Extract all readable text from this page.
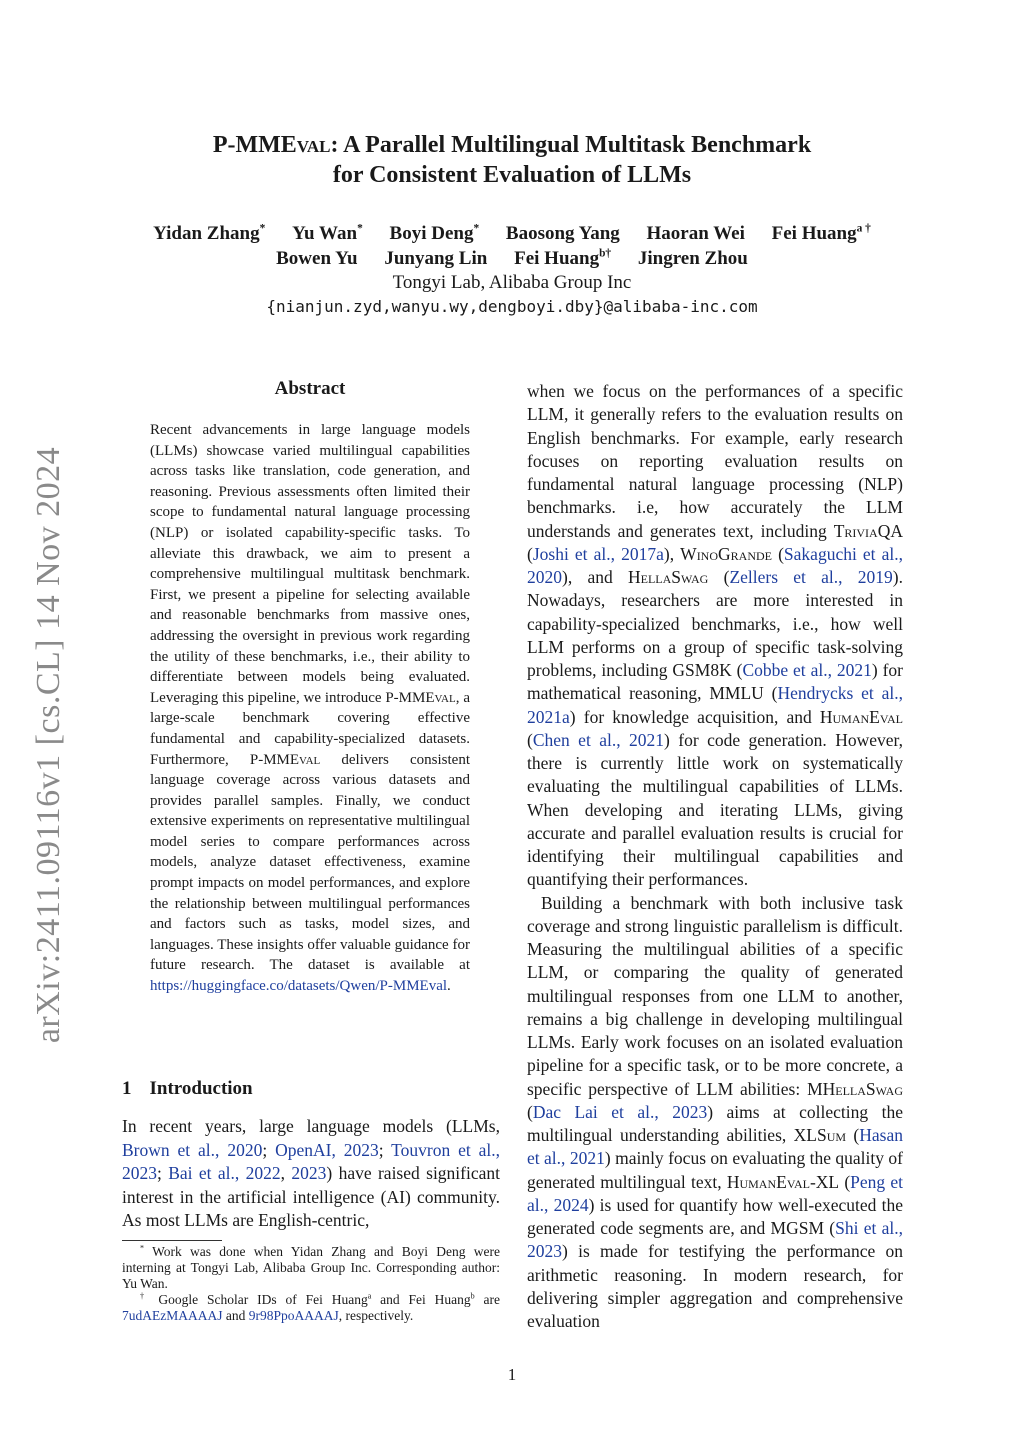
arXiv:2411.09116v1 [cs.CL] 14 Nov 2024
P-MMEval: A Parallel Multilingual Multitask Benchmark
for Consistent Evaluation of LLMs
Yidan Zhang* Yu Wan* Boyi Deng* Baosong Yang Haoran Wei Fei Huang$^{a \dagger}$
Bowen Yu Junyang Lin Fei Huang$^{b\dagger}$ Jingren Zhou
Tongyi Lab, Alibaba Group Inc
{nianjun.zyd,wanyu.wy,dengboyi.dby}@alibaba-inc.com
Abstract
Recent advancements in large language models (LLMs) showcase varied multilingual capabilities across tasks like translation, code generation, and reasoning. Previous assessments often limited their scope to fundamental natural language processing (NLP) or isolated capability-specific tasks. To alleviate this drawback, we aim to present a comprehensive multilingual multitask benchmark. First, we present a pipeline for selecting available and reasonable benchmarks from massive ones, addressing the oversight in previous work regarding the utility of these benchmarks, i.e., their ability to differentiate between models being evaluated. Leveraging this pipeline, we introduce P-MMEval, a large-scale benchmark covering effective fundamental and capability-specialized datasets. Furthermore, P-MMEval delivers consistent language coverage across various datasets and provides parallel samples. Finally, we conduct extensive experiments on representative multilingual model series to compare performances across models, analyze dataset effectiveness, examine prompt impacts on model performances, and explore the relationship between multilingual performances and factors such as tasks, model sizes, and languages. These insights offer valuable guidance for future research. The dataset is available at https://huggingface.co/datasets/Qwen/P-MMEval.
1 Introduction
In recent years, large language models (LLMs, Brown et al., 2020; OpenAI, 2023; Touvron et al., 2023; Bai et al., 2022, 2023) have raised significant interest in the artificial intelligence (AI) community. As most LLMs are English-centric,

* Work was done when Yidan Zhang and Boyi Deng were interning at Tongyi Lab, Alibaba Group Inc. Corresponding author: Yu Wan.

† Google Scholar IDs of Fei Huang$^a$ and Fei Huang$^b$ are 7udAEzMAAAAJ and 9r98PpoAAAAJ, respectively.

when we focus on the performances of a specific LLM, it generally refers to the evaluation results on English benchmarks. For example, early research focuses on reporting evaluation results on fundamental natural language processing (NLP) benchmarks. i.e, how accurately the LLM understands and generates text, including TriviaQA (Joshi et al., 2017a), WinoGrande (Sakaguchi et al., 2020), and HellaSwag (Zellers et al., 2019). Nowadays, researchers are more interested in capability-specialized benchmarks, i.e., how well LLM performs on a group of specific task-solving problems, including GSM8K (Cobbe et al., 2021) for mathematical reasoning, MMLU (Hendrycks et al., 2021a) for knowledge acquisition, and HumanEval (Chen et al., 2021) for code generation. However, there is currently little work on systematically evaluating the multilingual capabilities of LLMs. When developing and iterating LLMs, giving accurate and parallel evaluation results is crucial for identifying their multilingual capabilities and quantifying their performances.

Building a benchmark with both inclusive task coverage and strong linguistic parallelism is difficult. Measuring the multilingual abilities of a specific LLM, or comparing the quality of generated multilingual responses from one LLM to another, remains a big challenge in developing multilingual LLMs. Early work focuses on an isolated evaluation pipeline for a specific task, or to be more concrete, a specific perspective of LLM abilities: MHellaSwag (Dac Lai et al., 2023) aims at collecting the multilingual understanding abilities, XLSum (Hasan et al., 2021) mainly focus on evaluating the quality of generated multilingual text, HumanEval-XL (Peng et al., 2024) is used for quantify how well-executed the generated code segments are, and MGSM (Shi et al., 2023) is made for testifying the performance on arithmetic reasoning. In modern research, for delivering simpler aggregation and comprehensive evaluation

1
